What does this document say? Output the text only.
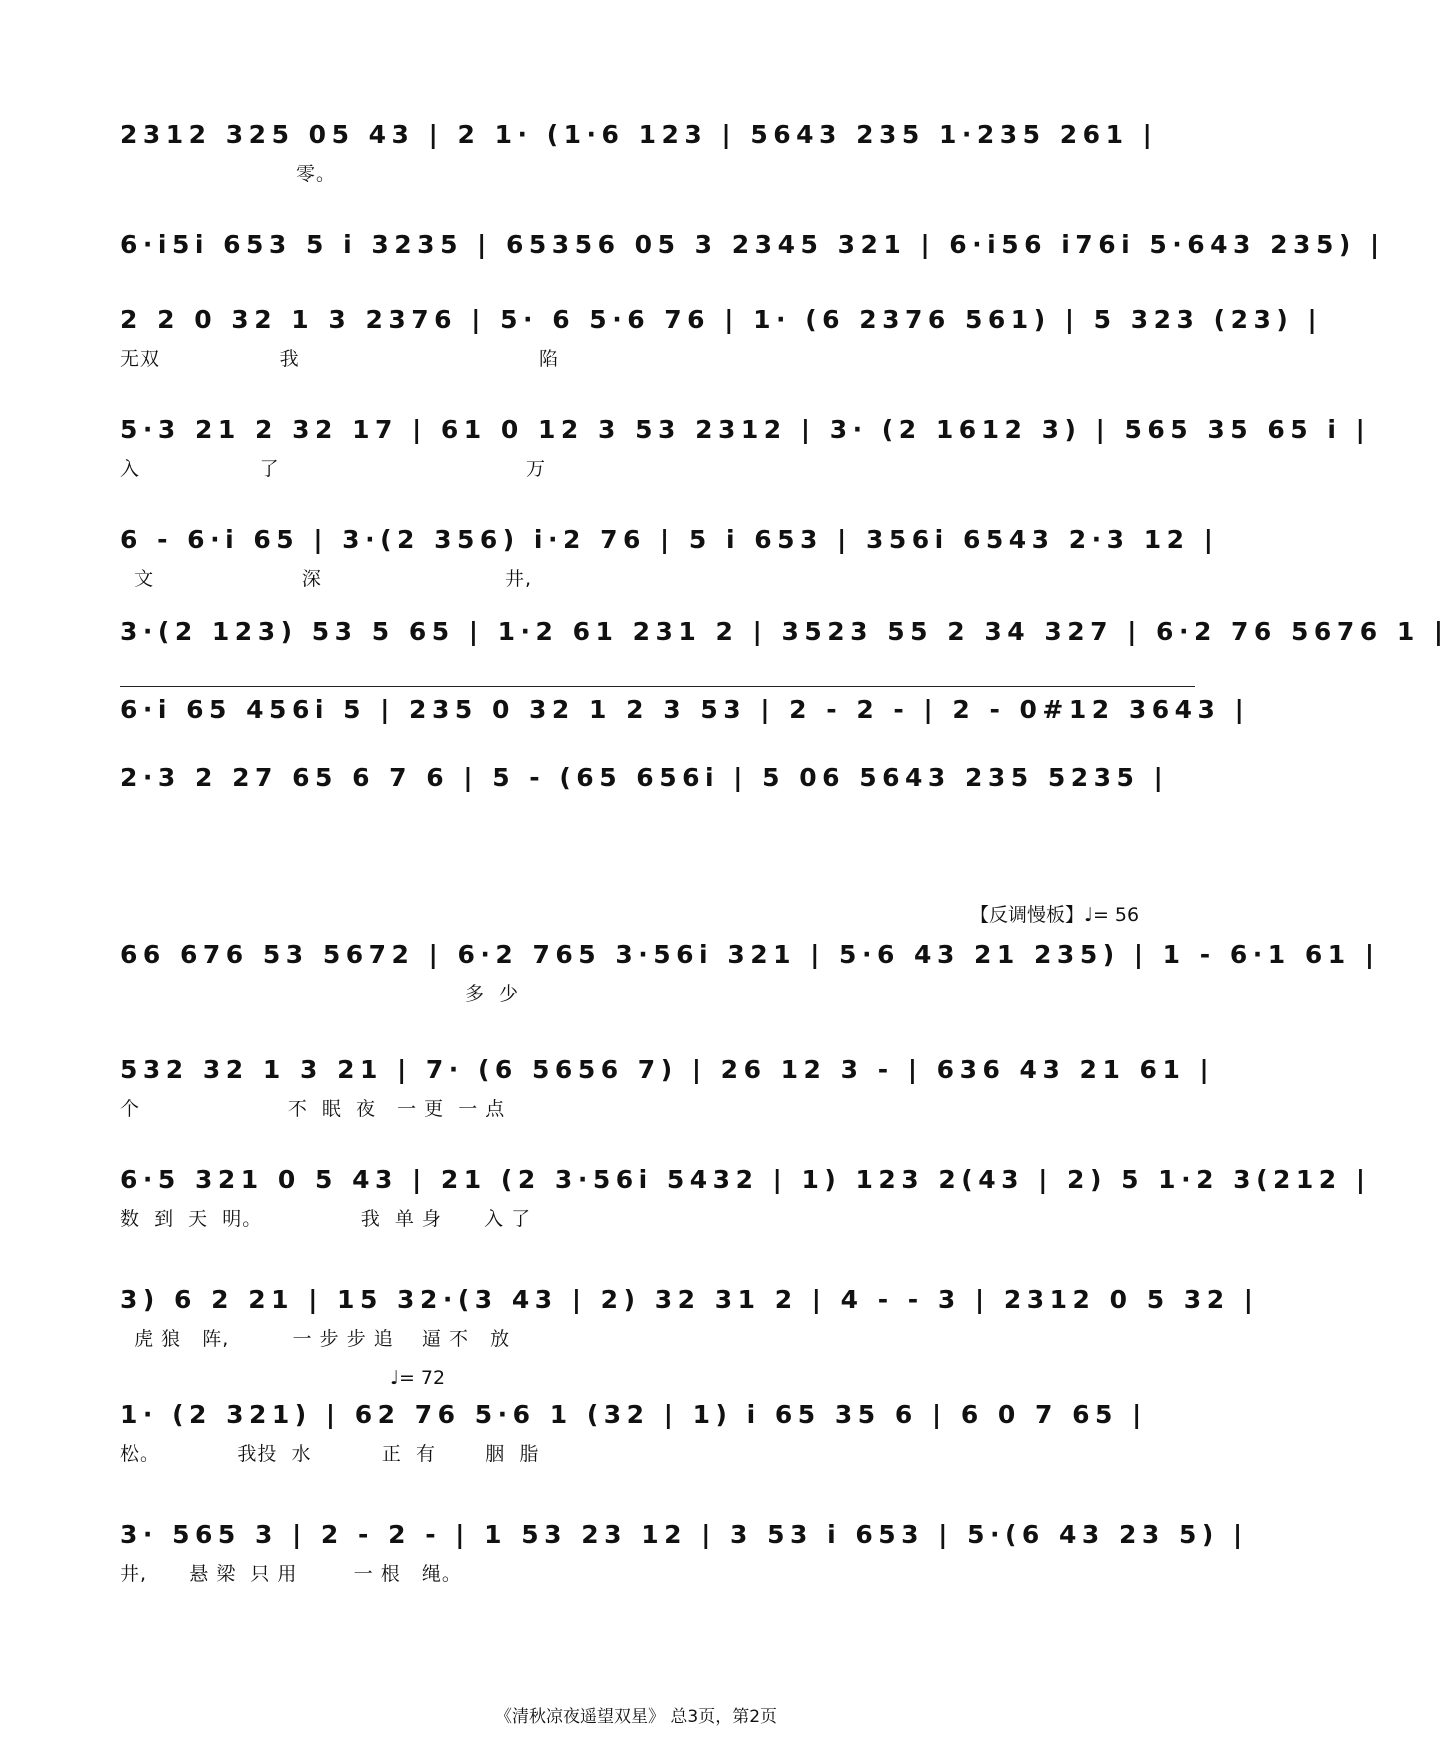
2312 325 05 43 | 2 1· (1·6 123 | 5643 235 1·235 261 |
零。
6·i5i 653 5 i 3235 | 65356 05 3 2345 321 | 6·i56 i76i 5·643 235) |
2 2 0 32 1 3 2376 | 5· 6 5·6 76 | 1· (6 2376 561) | 5 323 (23) |
无双                 我                                  陷
5·3 21 2 32 17 | 61 0 12 3 53 2312 | 3· (2 1612 3) | 565 35 65 i |
入                 了                                   万
6 - 6·i 65 | 3·(2 356) i·2 76 | 5 i 653 | 356i 6543 2·3 12 |
文                     深                          井,
3·(2 123) 53 5 65 | 1·2 61 231 2 | 3523 55 2 34 327 | 6·2 76 5676 1 |
6·i 65 456i 5 | 235 0 32 1 2 3 53 | 2 - 2 - | 2 - 0#12 3643 |
2·3 2 27 65 6 7 6 | 5 - (65 656i | 5 06 5643 235 5235 |
【反调慢板】♩= 56
66 676 53 5672 | 6·2 765 3·56i 321 | 5·6 43 21 235) | 1 - 6·1 61 |
多  少
532 32 1 3 21 | 7· (6 5656 7) | 26 12 3 - | 636 43 21 61 |
个                     不  眠  夜   一 更  一 点
6·5 321 0 5 43 | 21 (2 3·56i 5432 | 1) 123 2(43 | 2) 5 1·2 3(212 |
数  到  天  明。              我  单 身      入 了
3) 6 2 21 | 15 32·(3 43 | 2) 32 31 2 | 4 - - 3 | 2312 0 5 32 |
虎 狼   阵,         一 步 步 追    逼 不   放
♩= 72
1· (2 321) | 62 76 5·6 1 (32 | 1) i 65 35 6 | 6 0 7 65 |
松。           我投  水          正  有       胭  脂
3· 565 3 | 2 - 2 - | 1 53 23 12 | 3 53 i 653 | 5·(6 43 23 5) |
井,      悬 梁  只 用        一 根   绳。
《清秋凉夜遥望双星》 总3页，第2页
